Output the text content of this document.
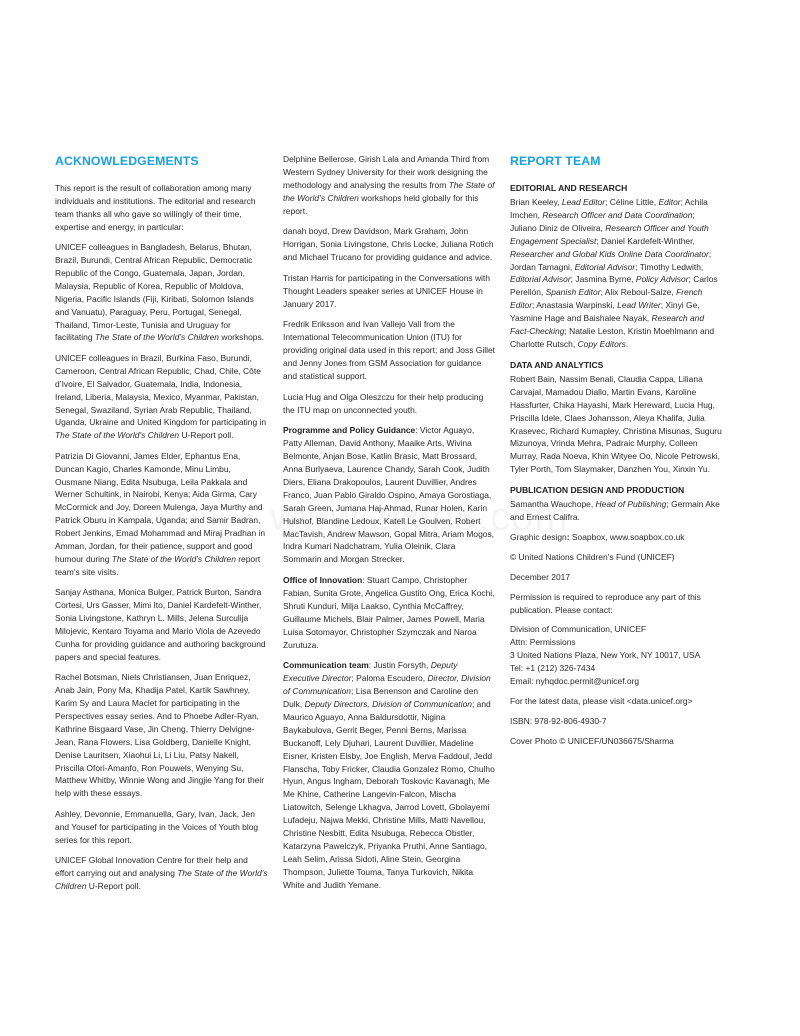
ACKNOWLEDGEMENTS

This report is the result of collaboration among many individuals and institutions. The editorial and research team thanks all who gave so willingly of their time, expertise and energy, in particular:

UNICEF colleagues in Bangladesh, Belarus, Bhutan, Brazil, Burundi, Central African Republic, Democratic Republic of the Congo, Guatemala, Japan, Jordan, Malaysia, Republic of Korea, Republic of Moldova, Nigeria, Pacific Islands (Fiji, Kiribati, Solomon Islands and Vanuatu), Paraguay, Peru, Portugal, Senegal, Thailand, Timor-Leste, Tunisia and Uruguay for facilitating The State of the World’s Children workshops.

UNICEF colleagues in Brazil, Burkina Faso, Burundi, Cameroon, Central African Republic, Chad, Chile, Côte d’Ivoire, El Salvador, Guatemala, India, Indonesia, Ireland, Liberia, Malaysia, Mexico, Myanmar, Pakistan, Senegal, Swaziland, Syrian Arab Republic, Thailand, Uganda, Ukraine and United Kingdom for participating in The State of the World’s Children U-Report poll.

Patrizia Di Giovanni, James Elder, Ephantus Ena, Duncan Kagio, Charles Kamonde, Minu Limbu, Ousmane Niang, Edita Nsubuga, Leila Pakkala and Werner Schultink, in Nairobi, Kenya; Aida Girma, Cary McCormick and Joy, Doreen Mulenga, Jaya Murthy and Patrick Oburu in Kampala, Uganda; and Samir Badran, Robert Jenkins, Emad Mohammad and Miraj Pradhan in Amman, Jordan, for their patience, support and good humour during The State of the World’s Children report team’s site visits.

Sanjay Asthana, Monica Bulger, Patrick Burton, Sandra Cortesi, Urs Gasser, Mimi Ito, Daniel Kardefelt-Winther, Sonia Livingstone, Kathryn L. Mills, Jelena Surculija Milojevic, Kentaro Toyama and Mario Viola de Azevedo Cunha for providing guidance and authoring background papers and special features.

Rachel Botsman, Niels Christiansen, Juan Enriquez, Anab Jain, Pony Ma, Khadija Patel, Kartik Sawhney, Karim Sy and Laura Maclet for participating in the Perspectives essay series. And to Phoebe Adler-Ryan, Kathrine Bisgaard Vase, Jin Cheng, Thierry Delvigne-Jean, Rana Flowers, Lisa Goldberg, Danielle Knight, Denise Lauritsen, Xiaohui Li, Li Liu, Patsy Nakell, Priscilla Ofori-Amanfo, Ron Pouwels, Wenying Su, Matthew Whitby, Winnie Wong and Jingjie Yang for their help with these essays.

Ashley, Devonnie, Emmanuella, Gary, Ivan, Jack, Jen and Yousef for participating in the Voices of Youth blog series for this report.

UNICEF Global Innovation Centre for their help and effort carrying out and analysing The State of the World’s Children U-Report poll.

Delphine Bellerose, Girish Lala and Amanda Third from Western Sydney University for their work designing the methodology and analysing the results from The State of the World’s Children workshops held globally for this report.

danah boyd, Drew Davidson, Mark Graham, John Horrigan, Sonia Livingstone, Chris Locke, Juliana Rotich and Michael Trucano for providing guidance and advice.

Tristan Harris for participating in the Conversations with Thought Leaders speaker series at UNICEF House in January 2017.

Fredrik Eriksson and Ivan Vallejo Vall from the International Telecommunication Union (ITU) for providing original data used in this report; and Joss Gillet and Jenny Jones from GSM Association for guidance and statistical support.

Lucia Hug and Olga Oleszczu for their help producing the ITU map on unconnected youth.

Programme and Policy Guidance: Victor Aguayo, Patty Alleman, David Anthony, Maaike Arts, Wivina Belmonte, Anjan Bose, Katlin Brasic, Matt Brossard, Anna Burlyaeva, Laurence Chandy, Sarah Cook, Judith Diers, Eliana Drakopoulos, Laurent Duvillier, Andres Franco, Juan Pablo Giraldo Ospino, Amaya Gorostiaga, Sarah Green, Jumana Haj-Ahmad, Runar Holen, Karin Hulshof, Blandine Ledoux, Katell Le Goulven, Robert MacTavish, Andrew Mawson, Gopal Mitra, Ariam Mogos, Indra Kumari Nadchatram, Yulia Oleinik, Clara Sommarin and Morgan Strecker.

Office of Innovation: Stuart Campo, Christopher Fabian, Sunita Grote, Angelica Gustito Ong, Erica Kochi, Shruti Kunduri, Milja Laakso, Cynthia McCaffrey, Guillaume Michels, Blair Palmer, James Powell, Maria Luisa Sotomayor, Christopher Szymczak and Naroa Zurutuza.

Communication team: Justin Forsyth, Deputy Executive Director; Paloma Escudero, Director, Division of Communication; Lisa Benenson and Caroline den Dulk, Deputy Directors, Division of Communication; and Maurico Aguayo, Anna Baldursdottir, Nigina Baykabulova, Gerrit Beger, Penni Berns, Marissa Buckanoff, Lely Djuhari, Laurent Duvillier, Madeline Eisner, Kristen Elsby, Joe English, Merva Faddoul, Jedd Flanscha, Toby Fricker, Claudia Gonzalez Romo, Chulho Hyun, Angus Ingham, Deborah Toskovic Kavanagh, Me Me Khine, Catherine Langevin-Falcon, Mischa Liatowitch, Selenge Lkhagva, Jarrod Lovett, Gbolayemi Lufadeju, Najwa Mekki, Christine Mills, Matti Navellou, Christine Nesbitt, Edita Nsubuga, Rebecca Obstler, Katarzyna Pawelczyk, Priyanka Pruthi, Anne Santiago, Leah Selim, Arissa Sidoti, Aline Stein, Georgina Thompson, Juliette Touma, Tanya Turkovich, Nikita White and Judith Yemane.

REPORT TEAM
EDITORIAL AND RESEARCH

Brian Keeley, Lead Editor; Céline Little, Editor; Achila Imchen, Research Officer and Data Coordination; Juliano Diniz de Oliveira, Research Officer and Youth Engagement Specialist; Daniel Kardefelt-Winther, Researcher and Global Kids Online Data Coordinator; Jordan Tamagni, Editorial Advisor; Timothy Ledwith, Editorial Advisor; Jasmina Byrne, Policy Advisor; Carlos Perellón, Spanish Editor; Alix Reboul-Salze, French Editor; Anastasia Warpinski, Lead Writer; Xinyi Ge, Yasmine Hage and Baishalee Nayak, Research and Fact-Checking; Natalie Leston, Kristin Moehlmann and Charlotte Rutsch, Copy Editors.

DATA AND ANALYTICS

Robert Bain, Nassim Benali, Claudia Cappa, Liliana Carvajal, Mamadou Diallo, Martin Evans, Karoline Hassfurter, Chika Hayashi, Mark Hereward, Lucia Hug, Priscilla Idele, Claes Johansson, Aleya Khalifa, Julia Krasevec, Richard Kumapley, Christina Misunas, Suguru Mizunoya, Vrinda Mehra, Padraic Murphy, Colleen Murray, Rada Noeva, Khin Wityee Oo, Nicole Petrowski, Tyler Porth, Tom Slaymaker, Danzhen You, Xinxin Yu.

PUBLICATION DESIGN AND PRODUCTION

Samantha Wauchope, Head of Publishing; Germain Ake and Ernest Califra.

Graphic design: Soapbox, www.soapbox.co.uk

© United Nations Children’s Fund (UNICEF)

December 2017

Permission is required to reproduce any part of this publication. Please contact:

Division of Communication, UNICEF
Attn: Permissions
3 United Nations Plaza, New York, NY 10017, USA
Tel: +1 (212) 326-7434
Email: nyhqdoc.permit@unicef.org

For the latest data, please visit <data.unicef.org>

ISBN: 978-92-806-4930-7

Cover Photo © UNICEF/UN036675/Sharma
